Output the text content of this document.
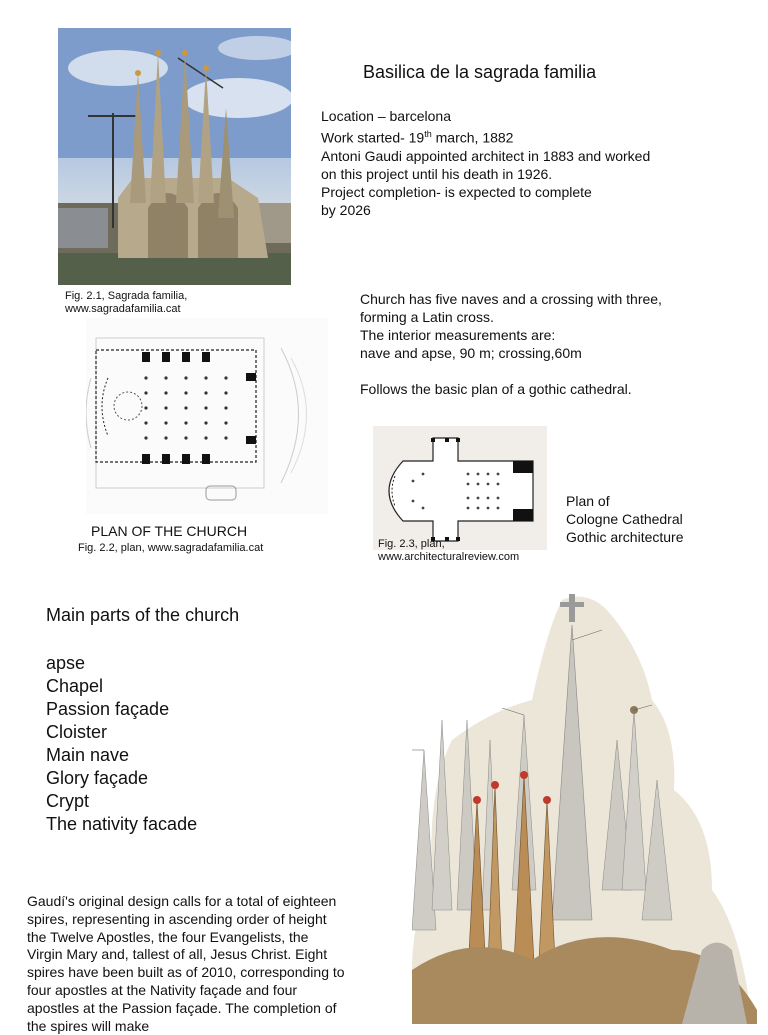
Basilica de la sagrada familia
Location – barcelona
Work started- 19th march, 1882
Antoni Gaudi appointed architect in 1883 and worked
on this project until his death in 1926.
Project completion- is expected to complete
by 2026
Fig. 2.1, Sagrada familia,
www.sagradafamilia.cat
Church has five naves and a crossing with three,
forming a Latin cross.
The interior measurements are:
nave and apse, 90 m; crossing,60m
Follows the basic plan of a gothic cathedral.
Plan of
Cologne Cathedral
Gothic architecture
PLAN OF THE CHURCH
Fig. 2.2, plan, www.sagradafamilia.cat	Fig. 2.3, plan,
www.architecturalreview.com
Main parts of the church
apse
Chapel
Passion façade
Cloister
Main nave
Glory façade
Crypt
The nativity facade
Gaudí's original design calls for a total of eighteen spires, representing in ascending order of height the Twelve Apostles, the four Evangelists, the Virgin Mary and, tallest of all, Jesus Christ. Eight spires have been built as of 2010, corresponding to four apostles at the Nativity façade and four apostles at the Passion façade. The completion of the spires will make
